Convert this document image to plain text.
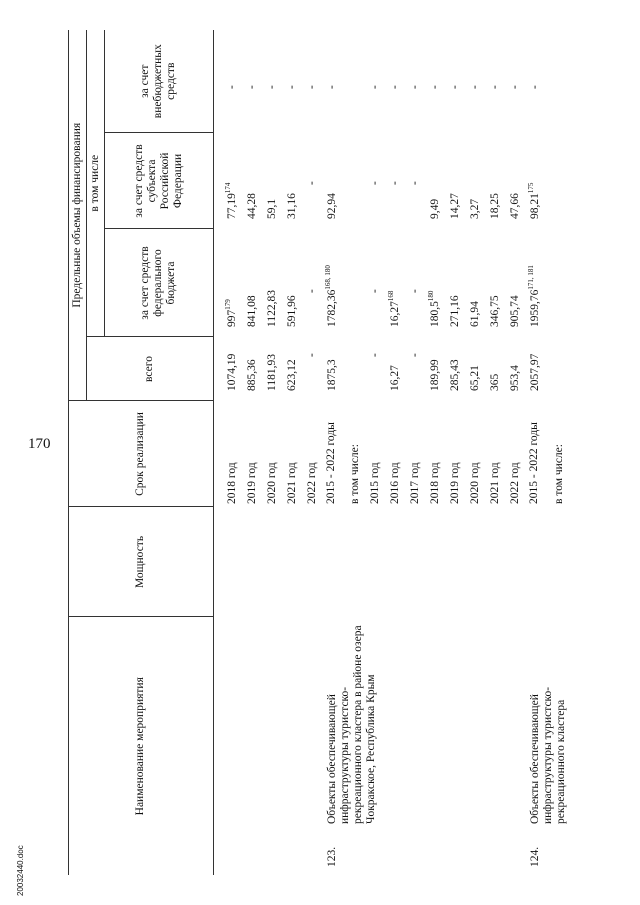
170
20032440.doc
Наименование мероприятия		Мощность	Срок реализации	Предельные объемы финансирования			
				всего	в том числе		
					за счет средств федерального бюджета	за счет средств субъекта Российской Федерации	за счет внебюджетных средств

			2018 год	1074,19	$997^{179}$	77,19$^{174}$	-
			2019 год	885,36	841,08	44,28	-
			2020 год	1181,93	1122,83	59,1	-
			2021 год	623,12	591,96	31,16	-
			2022 год	-	-	-	-
123.	Объекты обеспечивающей инфраструктуры туристско-рекреационного кластера в районе озера Чокракское, Республика Крым		2015 - 2022 годы	1875,3	1782,36$^{168, 180}$	92,94	-
			в том числе:				
			2015 год	-	-	-	-
			2016 год	16,27	16,27$^{168}$	-	-
			2017 год	-	-	-	-
			2018 год	189,99	180,5$^{180}$	9,49	-
			2019 год	285,43	271,16	14,27	-
			2020 год	65,21	61,94	3,27	-
			2021 год	365	346,75	18,25	-
			2022 год	953,4	905,74	47,66	-
124.	Объекты обеспечивающей инфраструктуры туристско-рекреационного кластера		2015 - 2022 годы	2057,97	1959,76$^{171, 181}$	98,21$^{175}$	-
			в том числе:				
